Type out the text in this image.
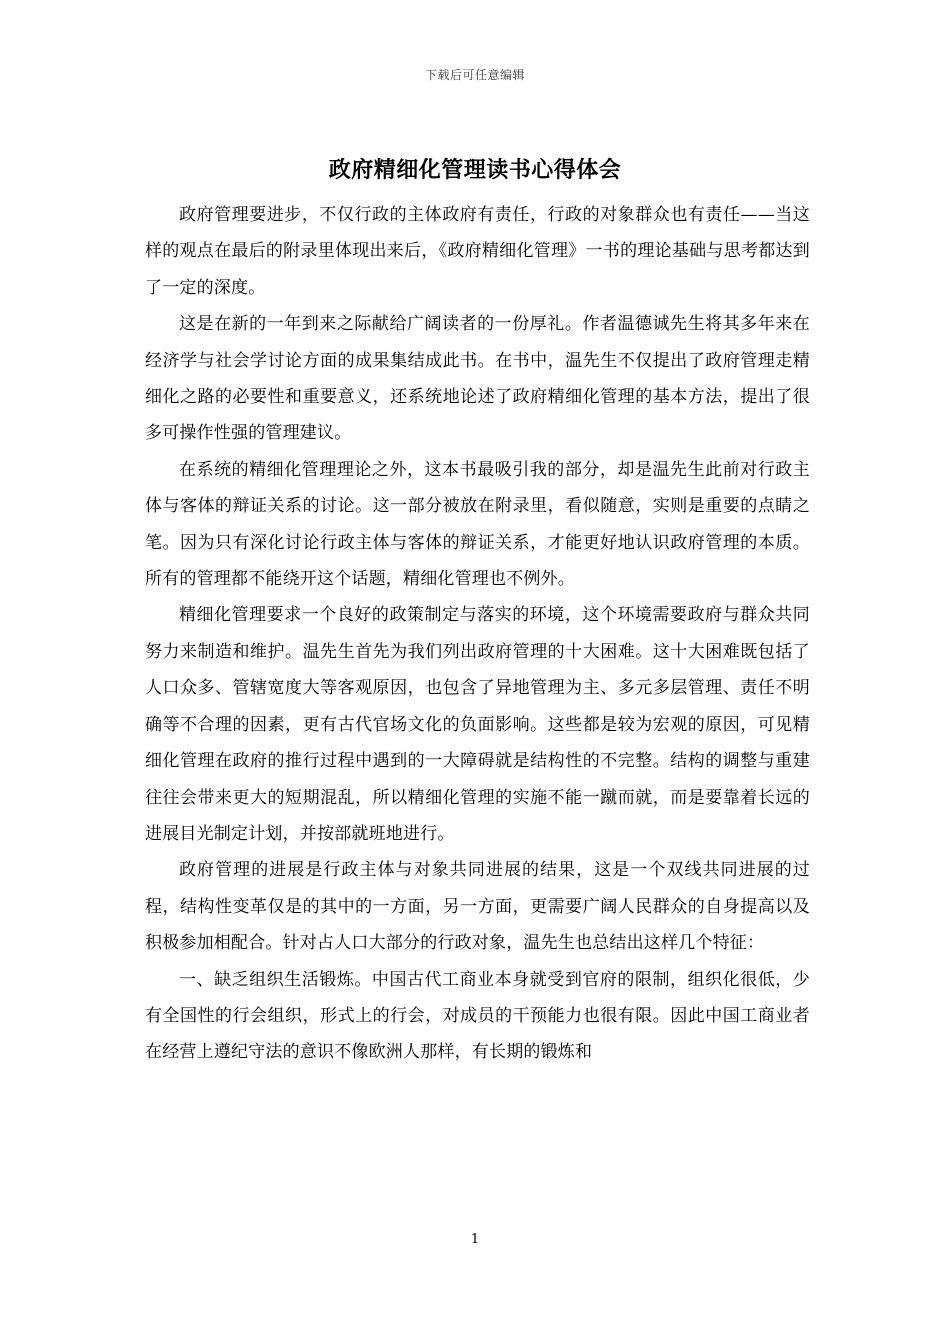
下载后可任意编辑
政府精细化管理读书心得体会

政府管理要进步，不仅行政的主体政府有责任，行政的对象群众也有责任——当这样的观点在最后的附录里体现出来后，《政府精细化管理》一书的理论基础与思考都达到了一定的深度。

这是在新的一年到来之际献给广阔读者的一份厚礼。作者温德诚先生将其多年来在经济学与社会学讨论方面的成果集结成此书。在书中，温先生不仅提出了政府管理走精细化之路的必要性和重要意义，还系统地论述了政府精细化管理的基本方法，提出了很多可操作性强的管理建议。

在系统的精细化管理理论之外，这本书最吸引我的部分，却是温先生此前对行政主体与客体的辩证关系的讨论。这一部分被放在附录里，看似随意，实则是重要的点睛之笔。因为只有深化讨论行政主体与客体的辩证关系，才能更好地认识政府管理的本质。所有的管理都不能绕开这个话题，精细化管理也不例外。

精细化管理要求一个良好的政策制定与落实的环境，这个环境需要政府与群众共同努力来制造和维护。温先生首先为我们列出政府管理的十大困难。这十大困难既包括了人口众多、管辖宽度大等客观原因，也包含了异地管理为主、多元多层管理、责任不明确等不合理的因素，更有古代官场文化的负面影响。这些都是较为宏观的原因，可见精细化管理在政府的推行过程中遇到的一大障碍就是结构性的不完整。结构的调整与重建往往会带来更大的短期混乱，所以精细化管理的实施不能一蹴而就，而是要靠着长远的进展目光制定计划，并按部就班地进行。

政府管理的进展是行政主体与对象共同进展的结果，这是一个双线共同进展的过程，结构性变革仅是的其中的一方面，另一方面，更需要广阔人民群众的自身提高以及积极参加相配合。针对占人口大部分的行政对象，温先生也总结出这样几个特征：

一、缺乏组织生活锻炼。中国古代工商业本身就受到官府的限制，组织化很低，少有全国性的行会组织，形式上的行会，对成员的干预能力也很有限。因此中国工商业者在经营上遵纪守法的意识不像欧洲人那样，有长期的锻炼和

1
